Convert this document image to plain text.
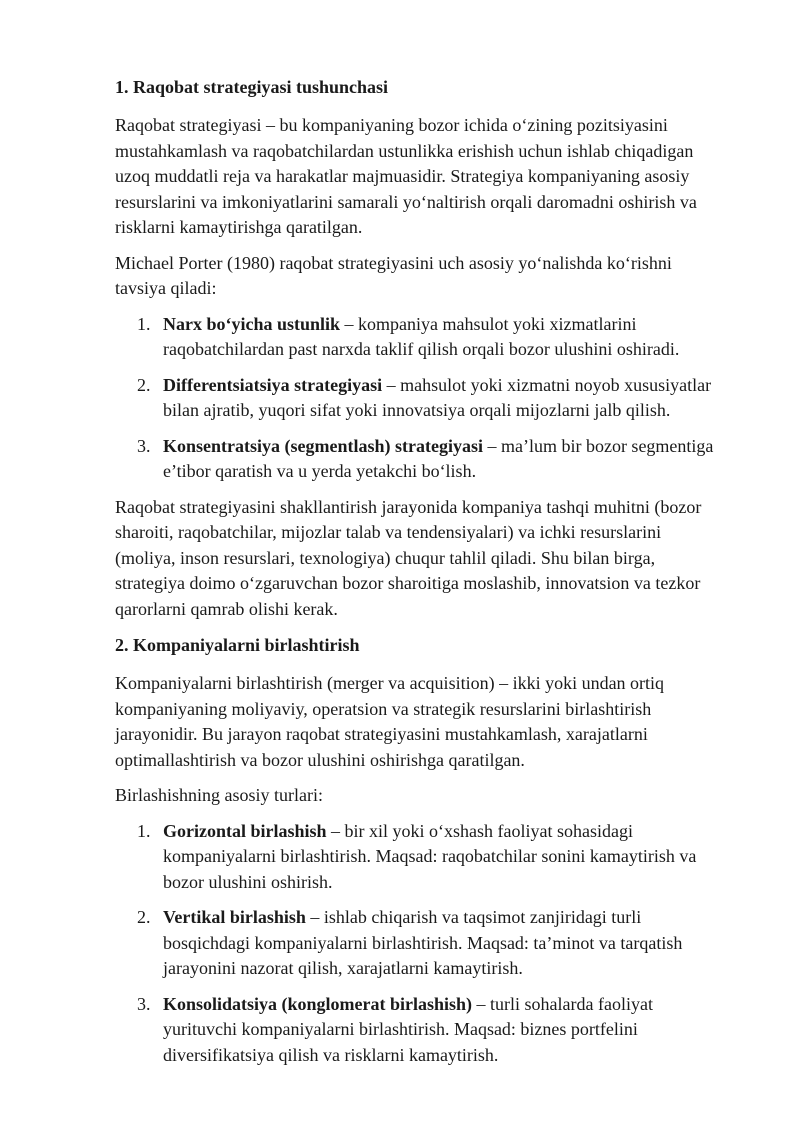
1. Raqobat strategiyasi tushunchasi

Raqobat strategiyasi – bu kompaniyaning bozor ichida o‘zining pozitsiyasini mustahkamlash va raqobatchilardan ustunlikka erishish uchun ishlab chiqadigan uzoq muddatli reja va harakatlar majmuasidir. Strategiya kompaniyaning asosiy resurslarini va imkoniyatlarini samarali yo‘naltirish orqali daromadni oshirish va risklarni kamaytirishga qaratilgan.

Michael Porter (1980) raqobat strategiyasini uch asosiy yo‘nalishda ko‘rishni tavsiya qiladi:

1. Narx bo‘yicha ustunlik – kompaniya mahsulot yoki xizmatlarini raqobatchilardan past narxda taklif qilish orqali bozor ulushini oshiradi.
2. Differentsiatsiya strategiyasi – mahsulot yoki xizmatni noyob xususiyatlar bilan ajratib, yuqori sifat yoki innovatsiya orqali mijozlarni jalb qilish.
3. Konsentratsiya (segmentlash) strategiyasi – ma’lum bir bozor segmentiga e’tibor qaratish va u yerda yetakchi bo‘lish.

Raqobat strategiyasini shakllantirish jarayonida kompaniya tashqi muhitni (bozor sharoiti, raqobatchilar, mijozlar talab va tendensiyalari) va ichki resurslarini (moliya, inson resurslari, texnologiya) chuqur tahlil qiladi. Shu bilan birga, strategiya doimo o‘zgaruvchan bozor sharoitiga moslashib, innovatsion va tezkor qarorlarni qamrab olishi kerak.

2. Kompaniyalarni birlashtirish

Kompaniyalarni birlashtirish (merger va acquisition) – ikki yoki undan ortiq kompaniyaning moliyaviy, operatsion va strategik resurslarini birlashtirish jarayonidir. Bu jarayon raqobat strategiyasini mustahkamlash, xarajatlarni optimallashtirish va bozor ulushini oshirishga qaratilgan.

Birlashishning asosiy turlari:

1. Gorizontal birlashish – bir xil yoki o‘xshash faoliyat sohasidagi kompaniyalarni birlashtirish. Maqsad: raqobatchilar sonini kamaytirish va bozor ulushini oshirish.
2. Vertikal birlashish – ishlab chiqarish va taqsimot zanjiridagi turli bosqichdagi kompaniyalarni birlashtirish. Maqsad: ta’minot va tarqatish jarayonini nazorat qilish, xarajatlarni kamaytirish.
3. Konsolidatsiya (konglomerat birlashish) – turli sohalarda faoliyat yurituvchi kompaniyalarni birlashtirish. Maqsad: biznes portfelini diversifikatsiya qilish va risklarni kamaytirish.
